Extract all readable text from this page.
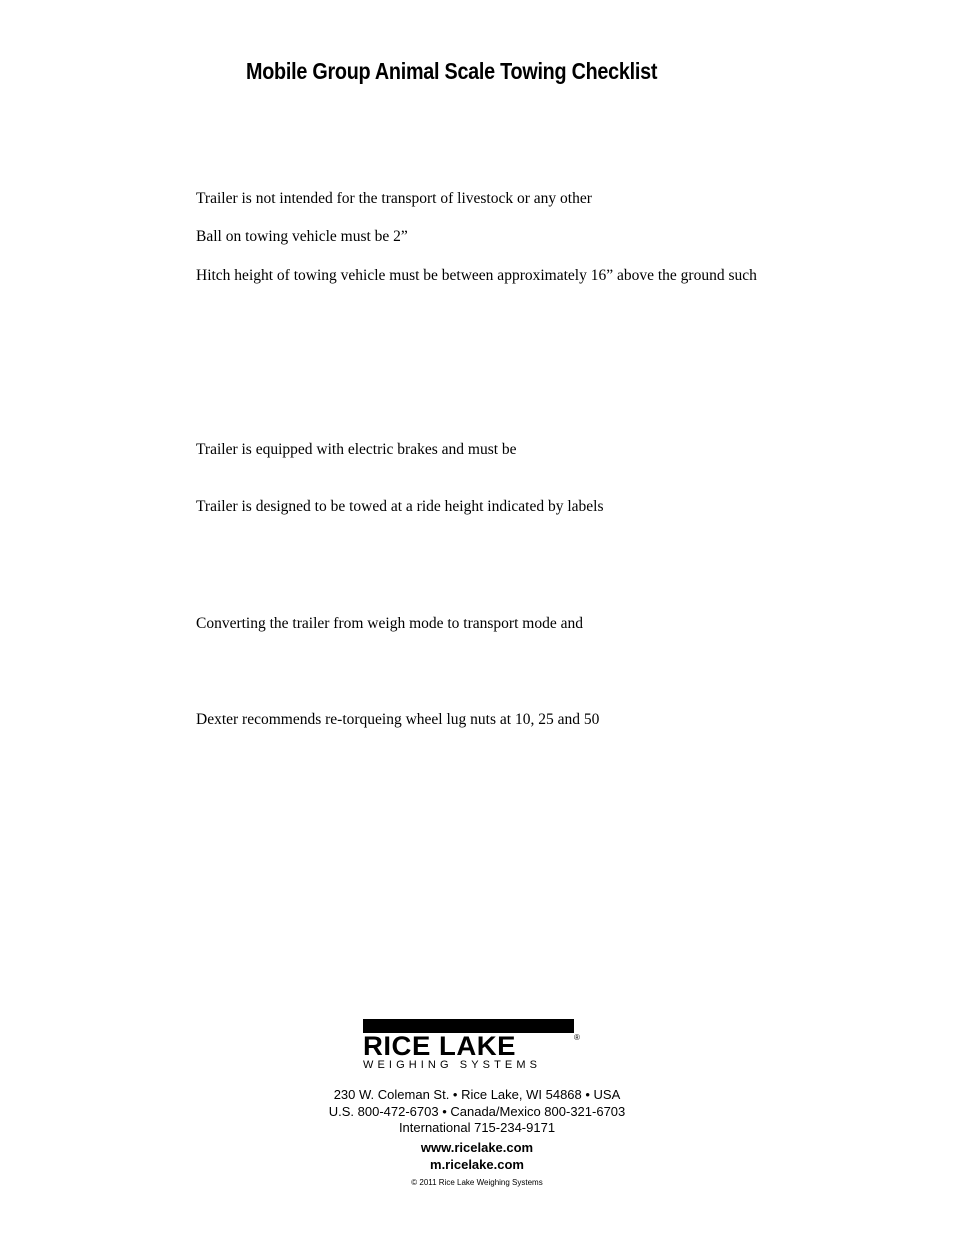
Mobile Group Animal Scale Towing Checklist
Trailer is not intended for the transport of livestock or any other
Ball on towing vehicle must be 2”
Hitch height of towing vehicle must be between approximately 16” above the ground such
Trailer is equipped with electric brakes and must be
Trailer is designed to be towed at a ride height indicated by labels
Converting the trailer from weigh mode to transport mode and
Dexter recommends re-torqueing wheel lug nuts at 10, 25 and 50
RICE LAKE	®
WEIGHING SYSTEMS
230 W. Coleman St. • Rice Lake, WI 54868 • USA
U.S. 800-472-6703 • Canada/Mexico 800-321-6703
International 715-234-9171
www.ricelake.com
m.ricelake.com
© 2011 Rice Lake Weighing Systems
